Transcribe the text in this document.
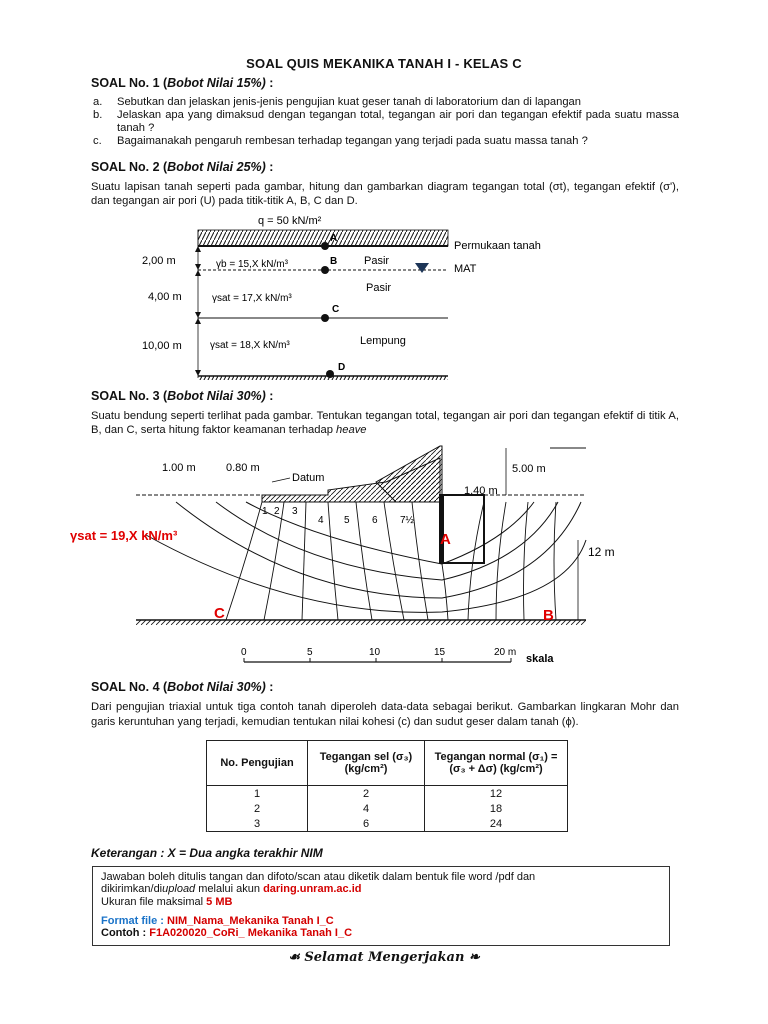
SOAL QUIS MEKANIKA TANAH I - KELAS C
SOAL No. 1 (Bobot Nilai 15%) :
a. Sebutkan dan jelaskan jenis-jenis pengujian kuat geser tanah di laboratorium dan di lapangan
b. Jelaskan apa yang dimaksud dengan tegangan total, tegangan air pori dan tegangan efektif pada suatu massa tanah ?
c. Bagaimanakah pengaruh rembesan terhadap tegangan yang terjadi pada suatu massa tanah ?
SOAL No. 2 (Bobot Nilai 25%) :
Suatu lapisan tanah seperti pada gambar, hitung dan gambarkan diagram tegangan total (σt), tegangan efektif (σ'), dan tegangan air pori (U) pada titik-titik A, B, C dan D.
q = 50 kN/m²
Permukaan tanah
MAT
2,00 m
4,00 m
10,00 m
γb = 15,X kN/m³
γsat = 17,X kN/m³
γsat = 18,X kN/m³
Pasir
Pasir
Lempung
A
B
C
D
SOAL No. 3 (Bobot Nilai 30%) :
Suatu bendung seperti terlihat pada gambar. Tentukan tegangan total, tegangan air pori dan tegangan efektif di titik A, B, dan C, serta hitung faktor keamanan terhadap heave
1.00 m	0.80 m
Datum
5.00 m
1.40 m
12 m
1 2 3
4 5 6 7½
γsat = 19,X kN/m³	A
B
C
0	5	10	15	20 m
skala
SOAL No. 4 (Bobot Nilai 30%) :
Dari pengujian triaxial untuk tiga contoh tanah diperoleh data-data sebagai berikut. Gambarkan lingkaran Mohr dan garis keruntuhan yang terjadi, kemudian tentukan nilai kohesi (c) dan sudut geser dalam tanah (ϕ).
No. Pengujian	Tegangan sel (σ₃) (kg/cm²)	Tegangan normal (σ₁) = (σ₃ + Δσ) (kg/cm²)
1	2	12
2	4	18
3	6	24
Keterangan : X = Dua angka terakhir NIM
Jawaban boleh ditulis tangan dan difoto/scan atau diketik dalam bentuk file word /pdf dan
dikirimkan/diupload melalui akun daring.unram.ac.id
Ukuran file maksimal 5 MB
Format file : NIM_Nama_Mekanika Tanah I_C
Contoh : F1A020020_CoRi_ Mekanika Tanah I_C
☙ Selamat Mengerjakan ❧
